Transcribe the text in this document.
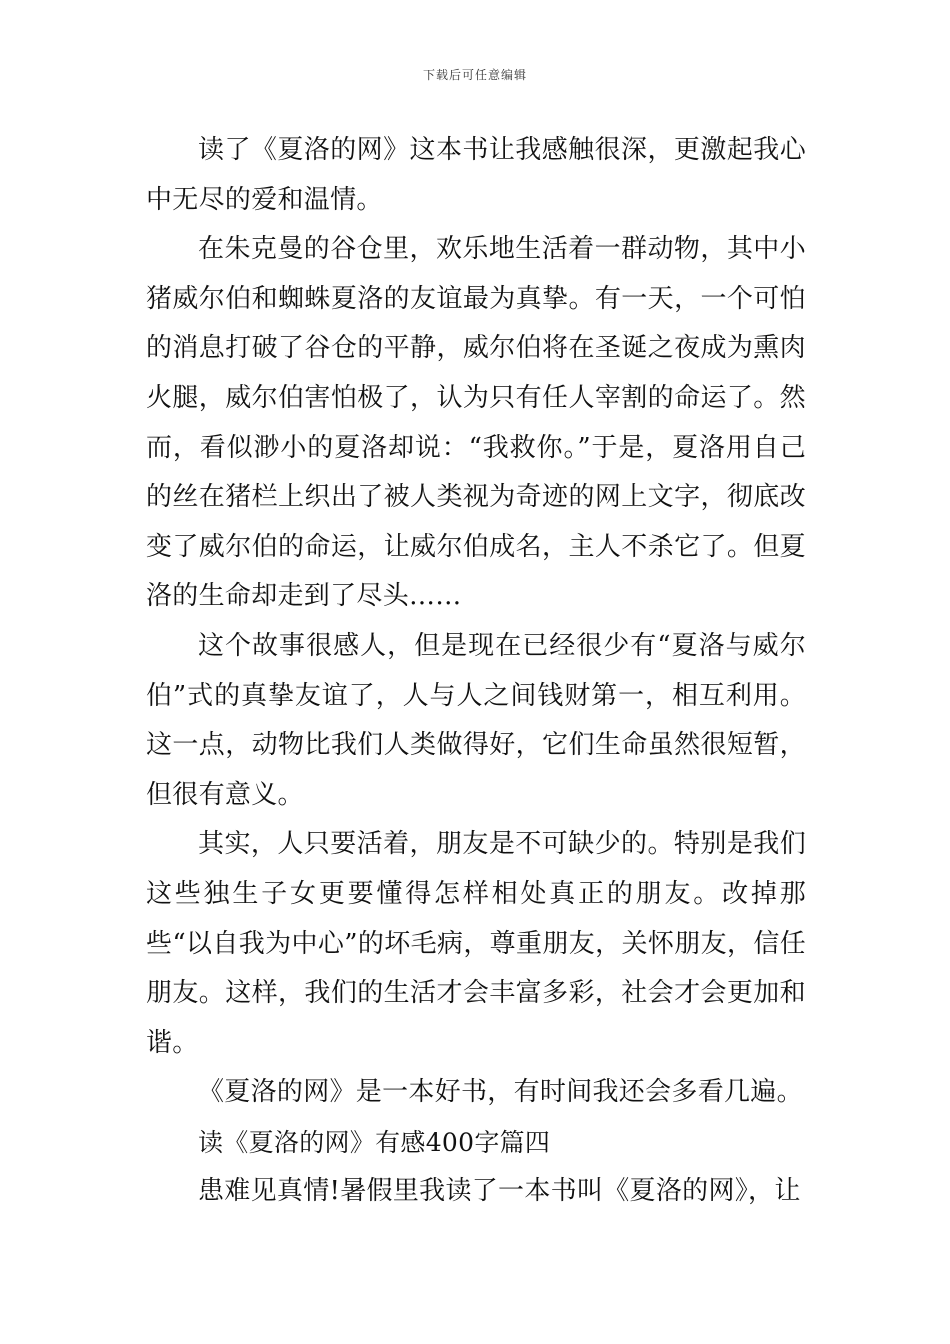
下载后可任意编辑

读了《夏洛的网》这本书让我感触很深，更激起我心中无尽的爱和温情。

在朱克曼的谷仓里，欢乐地生活着一群动物，其中小猪威尔伯和蜘蛛夏洛的友谊最为真挚。有一天，一个可怕的消息打破了谷仓的平静，威尔伯将在圣诞之夜成为熏肉火腿，威尔伯害怕极了，认为只有任人宰割的命运了。然而，看似渺小的夏洛却说：“我救你。”于是，夏洛用自己的丝在猪栏上织出了被人类视为奇迹的网上文字，彻底改变了威尔伯的命运，让威尔伯成名，主人不杀它了。但夏洛的生命却走到了尽头……

这个故事很感人，但是现在已经很少有“夏洛与威尔伯”式的真挚友谊了，人与人之间钱财第一，相互利用。这一点，动物比我们人类做得好，它们生命虽然很短暂，但很有意义。

其实，人只要活着，朋友是不可缺少的。特别是我们这些独生子女更要懂得怎样相处真正的朋友。改掉那些“以自我为中心”的坏毛病，尊重朋友，关怀朋友，信任朋友。这样，我们的生活才会丰富多彩，社会才会更加和谐。

《夏洛的网》是一本好书，有时间我还会多看几遍。

读《夏洛的网》有感400字篇四

患难见真情!暑假里我读了一本书叫《夏洛的网》，让
